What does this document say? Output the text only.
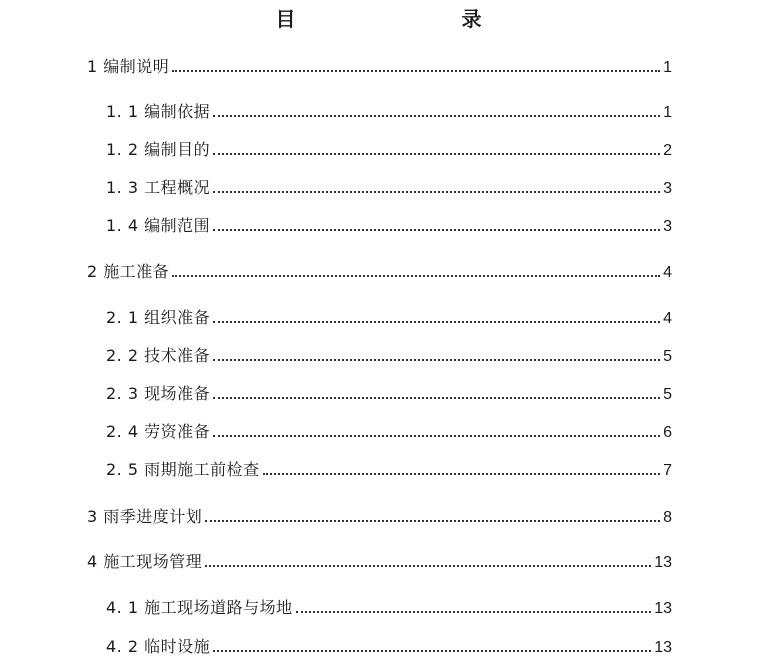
目　　录
1 编制说明	1
1. 1 编制依据	1
1. 2 编制目的	2
1. 3 工程概况	3
1. 4 编制范围	3
2 施工准备	4
2. 1 组织准备	4
2. 2 技术准备	5
2. 3 现场准备	5
2. 4 劳资准备	6
2. 5 雨期施工前检查	7
3 雨季进度计划	8
4 施工现场管理	13
4. 1 施工现场道路与场地	13
4. 2 临时设施	13
